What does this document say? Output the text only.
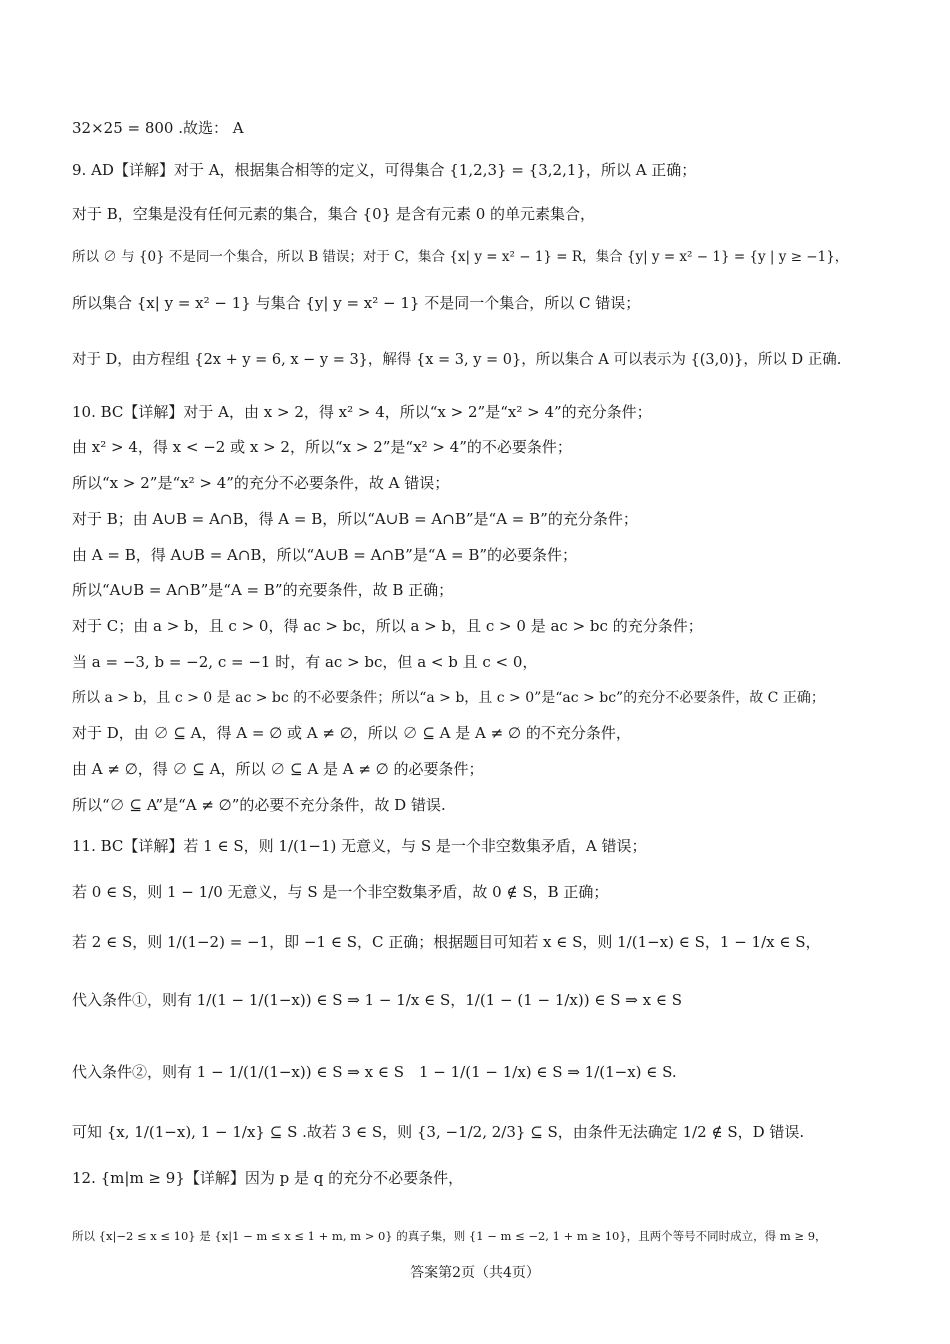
32×25 = 800 .故选： A
9. AD【详解】对于 A，根据集合相等的定义，可得集合 {1,2,3} = {3,2,1}，所以 A 正确；
对于 B，空集是没有任何元素的集合，集合 {0} 是含有元素 0 的单元素集合，
所以 ∅ 与 {0} 不是同一个集合，所以 B 错误；对于 C，集合 {x| y = x² − 1} = R，集合 {y| y = x² − 1} = {y | y ≥ −1}，
所以集合 {x| y = x² − 1} 与集合 {y| y = x² − 1} 不是同一个集合，所以 C 错误；
对于 D，由方程组 {2x + y = 6, x − y = 3}，解得 {x = 3, y = 0}，所以集合 A 可以表示为 {(3,0)}，所以 D 正确.
10. BC【详解】对于 A，由 x > 2，得 x² > 4，所以“x > 2”是“x² > 4”的充分条件；
由 x² > 4，得 x < −2 或 x > 2，所以“x > 2”是“x² > 4”的不必要条件；
所以“x > 2”是“x² > 4”的充分不必要条件，故 A 错误；
对于 B；由 A∪B = A∩B，得 A = B，所以“A∪B = A∩B”是“A = B”的充分条件；
由 A = B，得 A∪B = A∩B，所以“A∪B = A∩B”是“A = B”的必要条件；
所以“A∪B = A∩B”是“A = B”的充要条件，故 B 正确；
对于 C；由 a > b，且 c > 0，得 ac > bc，所以 a > b，且 c > 0 是 ac > bc 的充分条件；
当 a = −3, b = −2, c = −1 时，有 ac > bc，但 a < b 且 c < 0，
所以 a > b，且 c > 0 是 ac > bc 的不必要条件；所以“a > b，且 c > 0”是“ac > bc”的充分不必要条件，故 C 正确；
对于 D，由 ∅ ⊆ A，得 A = ∅ 或 A ≠ ∅，所以 ∅ ⊆ A 是 A ≠ ∅ 的不充分条件，
由 A ≠ ∅，得 ∅ ⊆ A，所以 ∅ ⊆ A 是 A ≠ ∅ 的必要条件；
所以“∅ ⊆ A”是“A ≠ ∅”的必要不充分条件，故 D 错误.
11. BC【详解】若 1 ∈ S，则 1/(1−1) 无意义，与 S 是一个非空数集矛盾，A 错误；
若 0 ∈ S，则 1 − 1/0 无意义，与 S 是一个非空数集矛盾，故 0 ∉ S，B 正确；
若 2 ∈ S，则 1/(1−2) = −1，即 −1 ∈ S，C 正确；根据题目可知若 x ∈ S，则 1/(1−x) ∈ S，1 − 1/x ∈ S，
代入条件①，则有 1/(1 − 1/(1−x)) ∈ S ⇒ 1 − 1/x ∈ S，1/(1 − (1 − 1/x)) ∈ S ⇒ x ∈ S
代入条件②，则有 1 − 1/(1/(1−x)) ∈ S ⇒ x ∈ S　1 − 1/(1 − 1/x) ∈ S ⇒ 1/(1−x) ∈ S.
可知 {x, 1/(1−x), 1 − 1/x} ⊆ S .故若 3 ∈ S，则 {3, −1/2, 2/3} ⊆ S，由条件无法确定 1/2 ∉ S，D 错误.
12. {m|m ≥ 9}【详解】因为 p 是 q 的充分不必要条件，
所以 {x|−2 ≤ x ≤ 10} 是 {x|1 − m ≤ x ≤ 1 + m, m > 0} 的真子集，则 {1 − m ≤ −2, 1 + m ≥ 10}，且两个等号不同时成立，得 m ≥ 9，
答案第2页（共4页）
